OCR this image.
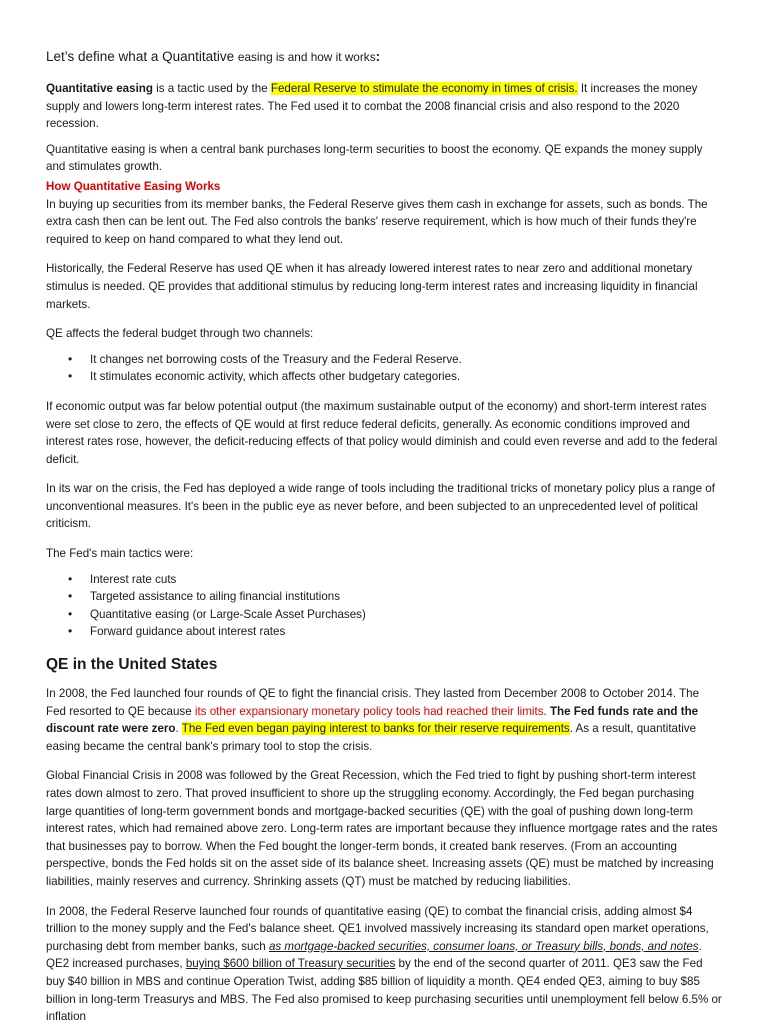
Let’s define what a Quantitative easing is and how it works:

Quantitative easing is a tactic used by the Federal Reserve to stimulate the economy in times of crisis. It increases the money supply and lowers long-term interest rates. The Fed used it to combat the 2008 financial crisis and also respond to the 2020 recession.

Quantitative easing is when a central bank purchases long-term securities to boost the economy. QE expands the money supply and stimulates growth.

How Quantitative Easing Works

In buying up securities from its member banks, the Federal Reserve gives them cash in exchange for assets, such as bonds. The extra cash then can be lent out. The Fed also controls the banks' reserve requirement, which is how much of their funds they're required to keep on hand compared to what they lend out.

Historically, the Federal Reserve has used QE when it has already lowered interest rates to near zero and additional monetary stimulus is needed. QE provides that additional stimulus by reducing long-term interest rates and increasing liquidity in financial markets.

QE affects the federal budget through two channels:

• It changes net borrowing costs of the Treasury and the Federal Reserve.
• It stimulates economic activity, which affects other budgetary categories.

If economic output was far below potential output (the maximum sustainable output of the economy) and short-term interest rates were set close to zero, the effects of QE would at first reduce federal deficits, generally. As economic conditions improved and interest rates rose, however, the deficit-reducing effects of that policy would diminish and could even reverse and add to the federal deficit.

In its war on the crisis, the Fed has deployed a wide range of tools including the traditional tricks of monetary policy plus a range of unconventional measures. It's been in the public eye as never before, and been subjected to an unprecedented level of political criticism.

The Fed's main tactics were:

• Interest rate cuts
• Targeted assistance to ailing financial institutions
• Quantitative easing (or Large-Scale Asset Purchases)
• Forward guidance about interest rates
QE in the United States

In 2008, the Fed launched four rounds of QE to fight the financial crisis. They lasted from December 2008 to October 2014. The Fed resorted to QE because its other expansionary monetary policy tools had reached their limits. The Fed funds rate and the discount rate were zero. The Fed even began paying interest to banks for their reserve requirements. As a result, quantitative easing became the central bank's primary tool to stop the crisis.

Global Financial Crisis in 2008 was followed by the Great Recession, which the Fed tried to fight by pushing short-term interest rates down almost to zero. That proved insufficient to shore up the struggling economy. Accordingly, the Fed began purchasing large quantities of long-term government bonds and mortgage-backed securities (QE) with the goal of pushing down long-term interest rates, which had remained above zero. Long-term rates are important because they influence mortgage rates and the rates that businesses pay to borrow. When the Fed bought the longer-term bonds, it created bank reserves. (From an accounting perspective, bonds the Fed holds sit on the asset side of its balance sheet. Increasing assets (QE) must be matched by increasing liabilities, mainly reserves and currency. Shrinking assets (QT) must be matched by reducing liabilities.

In 2008, the Federal Reserve launched four rounds of quantitative easing (QE) to combat the financial crisis, adding almost $4 trillion to the money supply and the Fed's balance sheet. QE1 involved massively increasing its standard open market operations, purchasing debt from member banks, such as mortgage-backed securities, consumer loans, or Treasury bills, bonds, and notes. QE2 increased purchases, buying $600 billion of Treasury securities by the end of the second quarter of 2011. QE3 saw the Fed buy $40 billion in MBS and continue Operation Twist, adding $85 billion of liquidity a month. QE4 ended QE3, aiming to buy $85 billion in long-term Treasurys and MBS. The Fed also promised to keep purchasing securities until unemployment fell below 6.5% or inflation
